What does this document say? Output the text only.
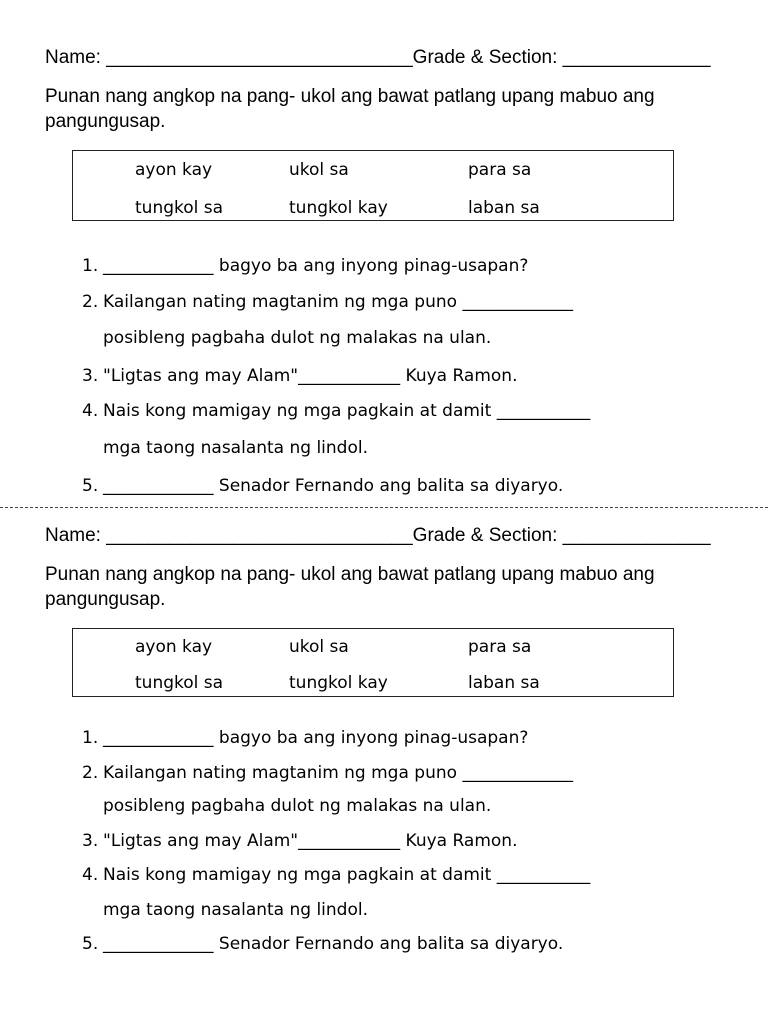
Name: _____________________________Grade & Section: ______________
Punan nang angkop na pang- ukol ang bawat patlang upang mabuo ang pangungusap.
ayon kay	ukol sa	para sa
tungkol sa	tungkol kay	laban sa
1. _____________ bagyo ba ang inyong pinag-usapan?
2. Kailangan nating magtanim ng mga puno _____________
posibleng pagbaha dulot ng malakas na ulan.
3. "Ligtas ang may Alam"____________ Kuya Ramon.
4. Nais kong mamigay ng mga pagkain at damit ___________
mga taong nasalanta ng lindol.
5. _____________ Senador Fernando ang balita sa diyaryo.
Name: _____________________________Grade & Section: ______________
Punan nang angkop na pang- ukol ang bawat patlang upang mabuo ang pangungusap.
ayon kay	ukol sa	para sa
tungkol sa	tungkol kay	laban sa
1. _____________ bagyo ba ang inyong pinag-usapan?
2. Kailangan nating magtanim ng mga puno _____________
posibleng pagbaha dulot ng malakas na ulan.
3. "Ligtas ang may Alam"____________ Kuya Ramon.
4. Nais kong mamigay ng mga pagkain at damit ___________
mga taong nasalanta ng lindol.
5. _____________ Senador Fernando ang balita sa diyaryo.
